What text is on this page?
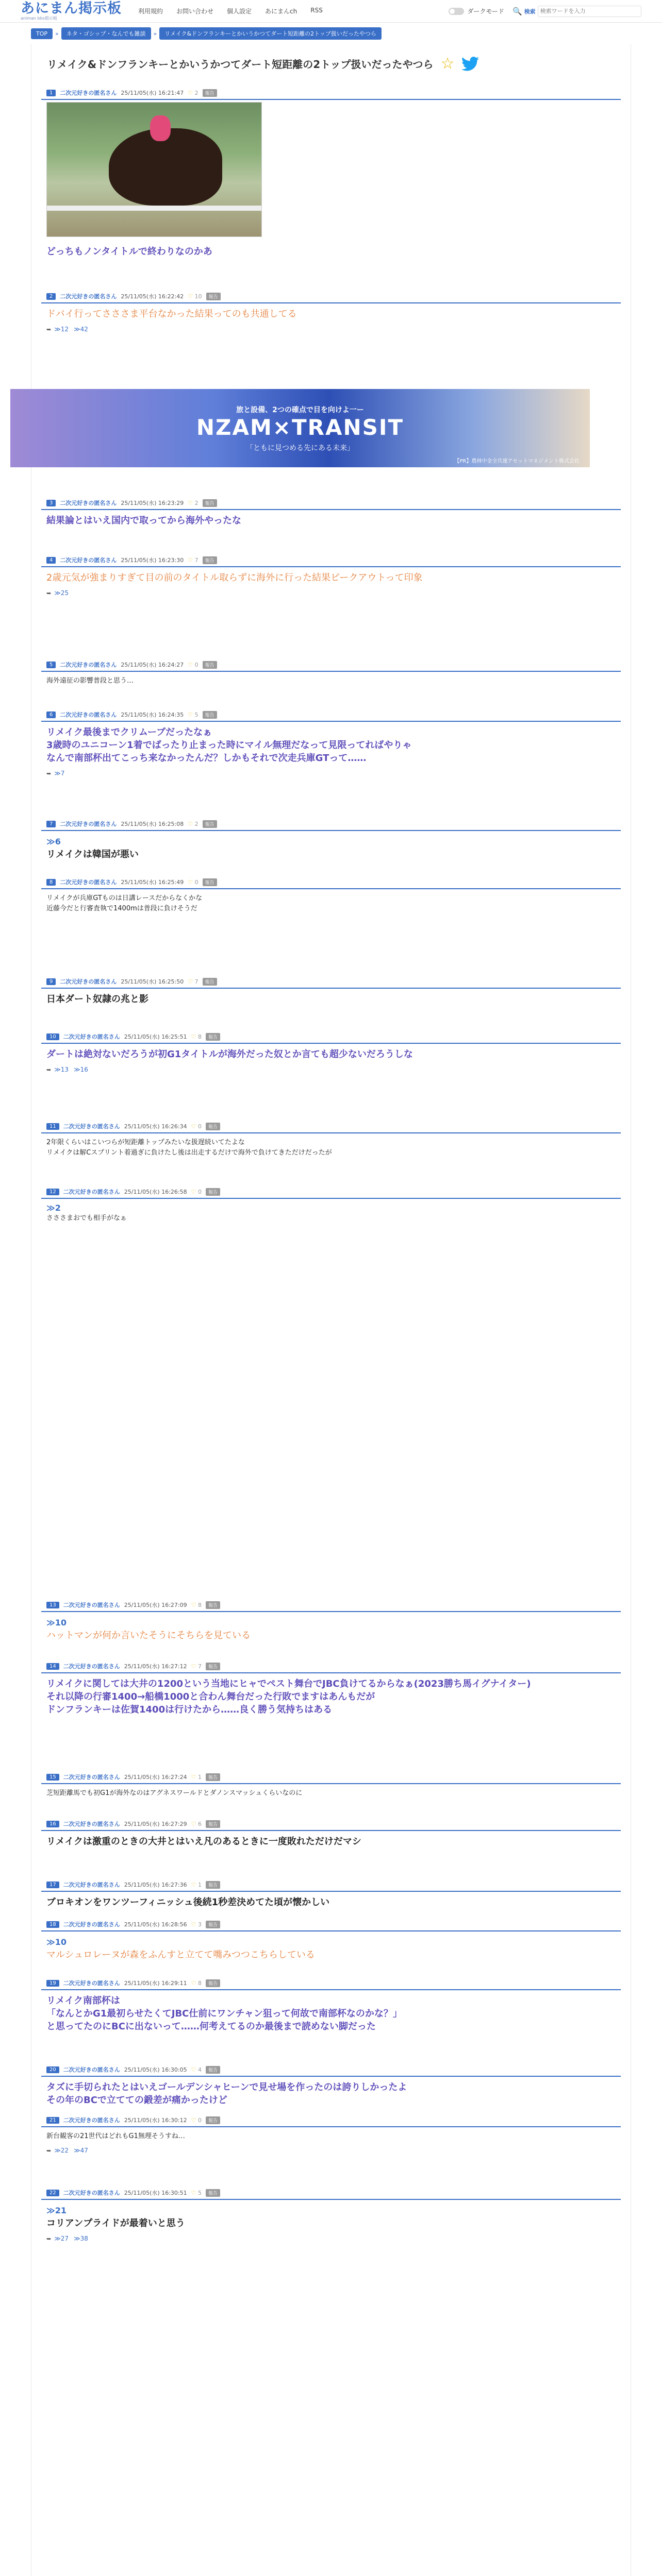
あにまん掲示板
animan bbs掲示板
利用規約	お問い合わせ	個人設定	あにまんch	RSS	ダークモード 🔍 検索
検索ワードを入力
TOP	»	ネタ・ゴシップ・なんでも雑談	»	リメイク&ドンフランキーとかいうかつてダート短距離の2トップ扱いだったやつら
リメイク&ドンフランキーとかいうかつてダート短距離の2トップ扱いだったやつら ☆
1	二次元好きの匿名さん 25/11/05(水) 16:21:47 ♡ 2	報告
どっちもノンタイトルで終わりなのかあ
2	二次元好きの匿名さん 25/11/05(水) 16:22:42 ♡ 10	報告
ドバイ行ってさささま平台なかった結果ってのも共通してる
➥ ≫12 ≫42
3	二次元好きの匿名さん 25/11/05(水) 16:23:29 ♡ 2	報告
結果論とはいえ国内で取ってから海外やったな
4	二次元好きの匿名さん 25/11/05(水) 16:23:30 ♡ 7	報告
2歳元気が強まりすぎて目の前のタイトル取らずに海外に行った結果ピークアウトって印象
➥ ≫25
5	二次元好きの匿名さん 25/11/05(水) 16:24:27 ♡ 0	報告
海外遠征の影響普段と思う…
6	二次元好きの匿名さん 25/11/05(水) 16:24:35 ♡ 5	報告
リメイク最後までクリムーブだったなぁ
3歳時のユニコーン1着でばったり止まった時にマイル無理だなって見限ってればやりゃ
なんで南部杯出てこっち来なかったんだ？しかもそれで次走兵庫GTって……
➥ ≫7
7	二次元好きの匿名さん 25/11/05(水) 16:25:08 ♡ 2	報告
≫6
リメイクは韓国が悪い
8	二次元好きの匿名さん 25/11/05(水) 16:25:49 ♡ 0	報告
リメイクが兵庫GTものは日講レースだからなくかな
近藤今だと行審査執で1400mは普段に負けそうだ
9	二次元好きの匿名さん 25/11/05(水) 16:25:50 ♡ 7	報告
日本ダート奴隷の兆と影
10	二次元好きの匿名さん 25/11/05(水) 16:25:51 ♡ 8	報告
ダートは絶対ないだろうが初G1タイトルが海外だった奴とか言ても超少ないだろうしな
➥ ≫13 ≫16
11	二次元好きの匿名さん 25/11/05(水) 16:26:34 ♡ 0	報告
2年限くらいはこいつらが短距離トップみたいな扱遅続いてたよな
リメイクは解Cスプリント着過ぎに負けたし後は出走するだけで海外で負けてきただけだったが
12	二次元好きの匿名さん 25/11/05(水) 16:26:58 ♡ 0	報告
≫2
さささまおでも相手がなぁ
13	二次元好きの匿名さん 25/11/05(水) 16:27:09 ♡ 8	報告
≫10
ハットマンが何か言いたそうにそちらを見ている
14	二次元好きの匿名さん 25/11/05(水) 16:27:12 ♡ 7	報告
リメイクに関しては大井の1200という当地にヒャでペスト舞台でJBC負けてるからなぁ(2023勝ち馬イグナイター)
それ以降の行審1400→船橋1000と合わん舞台だった行敗でますはあんもだが
ドンフランキーは佐賀1400は行けたから……良く勝う気持ちはある
15	二次元好きの匿名さん 25/11/05(水) 16:27:24 ♡ 1	報告
芝短距離馬でも初G1が海外なのはアグネスワールドとダノンスマッシュくらいなのに
16	二次元好きの匿名さん 25/11/05(水) 16:27:29 ♡ 6	報告
リメイクは激重のときの大井とはいえ凡のあるときに一度敗れただけだマシ
17	二次元好きの匿名さん 25/11/05(水) 16:27:36 ♡ 1	報告
ブロキオンをワンツーフィニッシュ後続1秒差決めてた頃が懐かしい
18	二次元好きの匿名さん 25/11/05(水) 16:28:56 ♡ 3	報告
≫10
マルシュロレーヌが森をふんすと立てて嘴みつつこちらしている
19	二次元好きの匿名さん 25/11/05(水) 16:29:11 ♡ 8	報告
リメイク南部杯は
「なんとかG1最初らせたくてJBC仕前にワンチャン狙って何故で南部杯なのかな？」
と思ってたのにBCに出ないって……何考えてるのか最後まで読めない脚だった
20	二次元好きの匿名さん 25/11/05(水) 16:30:05 ♡ 4	報告
タズに手切られたとはいえゴールデンシャヒーンで見せ場を作ったのは誇りしかったよ
その年のBCで立てての鍛差が痛かったけど
21	二次元好きの匿名さん 25/11/05(水) 16:30:12 ♡ 0	報告
新台観客の21世代はどれもG1無理そうすね…
➥ ≫22 ≫47
22	二次元好きの匿名さん 25/11/05(水) 16:30:51 ♡ 5	報告
≫21
コリアンプライドが最着いと思う
➥ ≫27 ≫38
旅と設備、2つの確点で目を向けよ一ー
NZAM×TRANSIT
「ともに見つめる先にある未来」
【PR】農林中金全共連アセットマネジメント株式会社
